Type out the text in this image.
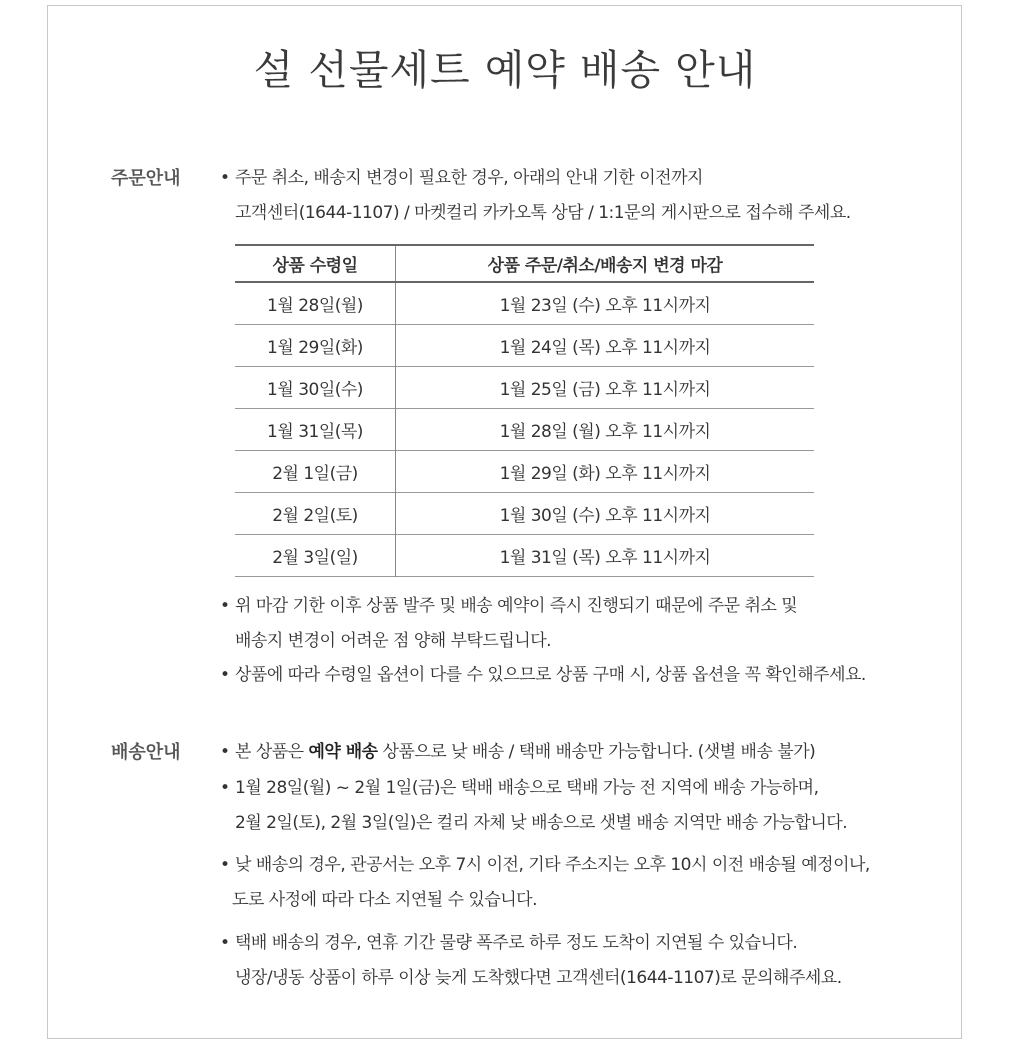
설 선물세트 예약 배송 안내
주문안내 • 주문 취소, 배송지 변경이 필요한 경우, 아래의 안내 기한 이전까지
고객센터(1644-1107) / 마켓컬리 카카오톡 상담 / 1:1문의 게시판으로 접수해 주세요.
상품 수령일	상품 주문/취소/배송지 변경 마감
1월 28일(월)	1월 23일 (수) 오후 11시까지
1월 29일(화)	1월 24일 (목) 오후 11시까지
1월 30일(수)	1월 25일 (금) 오후 11시까지
1월 31일(목)	1월 28일 (월) 오후 11시까지
2월 1일(금)	1월 29일 (화) 오후 11시까지
2월 2일(토)	1월 30일 (수) 오후 11시까지
2월 3일(일)	1월 31일 (목) 오후 11시까지
• 위 마감 기한 이후 상품 발주 및 배송 예약이 즉시 진행되기 때문에 주문 취소 및
배송지 변경이 어려운 점 양해 부탁드립니다.
• 상품에 따라 수령일 옵션이 다를 수 있으므로 상품 구매 시, 상품 옵션을 꼭 확인해주세요.
배송안내 • 본 상품은 예약 배송 상품으로 낮 배송 / 택배 배송만 가능합니다. (샛별 배송 불가)
• 1월 28일(월) ~ 2월 1일(금)은 택배 배송으로 택배 가능 전 지역에 배송 가능하며,
2월 2일(토), 2월 3일(일)은 컬리 자체 낮 배송으로 샛별 배송 지역만 배송 가능합니다.
• 낮 배송의 경우, 관공서는 오후 7시 이전, 기타 주소지는 오후 10시 이전 배송될 예정이나,
도로 사정에 따라 다소 지연될 수 있습니다.
• 택배 배송의 경우, 연휴 기간 물량 폭주로 하루 정도 도착이 지연될 수 있습니다.
냉장/냉동 상품이 하루 이상 늦게 도착했다면 고객센터(1644-1107)로 문의해주세요.
